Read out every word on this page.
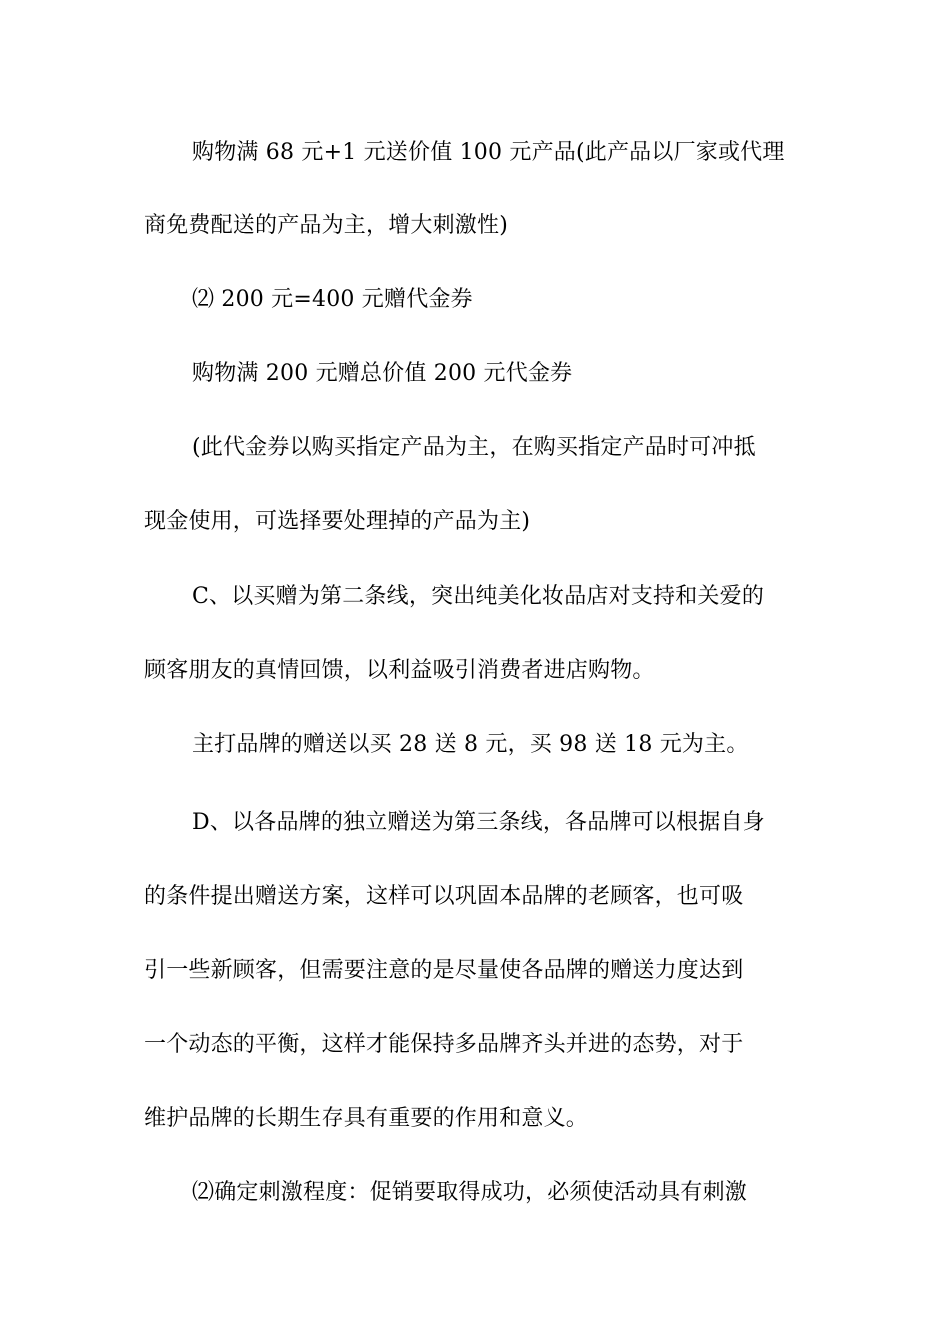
购物满 68 元+1 元送价值 100 元产品(此产品以厂家或代理
商免费配送的产品为主，增大刺激性)
⑵ 200 元=400 元赠代金券
购物满 200 元赠总价值 200 元代金券
(此代金券以购买指定产品为主，在购买指定产品时可冲抵
现金使用，可选择要处理掉的产品为主)
C、以买赠为第二条线，突出纯美化妆品店对支持和关爱的
顾客朋友的真情回馈，以利益吸引消费者进店购物。
主打品牌的赠送以买 28 送 8 元，买 98 送 18 元为主。
D、以各品牌的独立赠送为第三条线，各品牌可以根据自身
的条件提出赠送方案，这样可以巩固本品牌的老顾客，也可吸
引一些新顾客，但需要注意的是尽量使各品牌的赠送力度达到
一个动态的平衡，这样才能保持多品牌齐头并进的态势，对于
维护品牌的长期生存具有重要的作用和意义。
⑵确定刺激程度：促销要取得成功，必须使活动具有刺激
